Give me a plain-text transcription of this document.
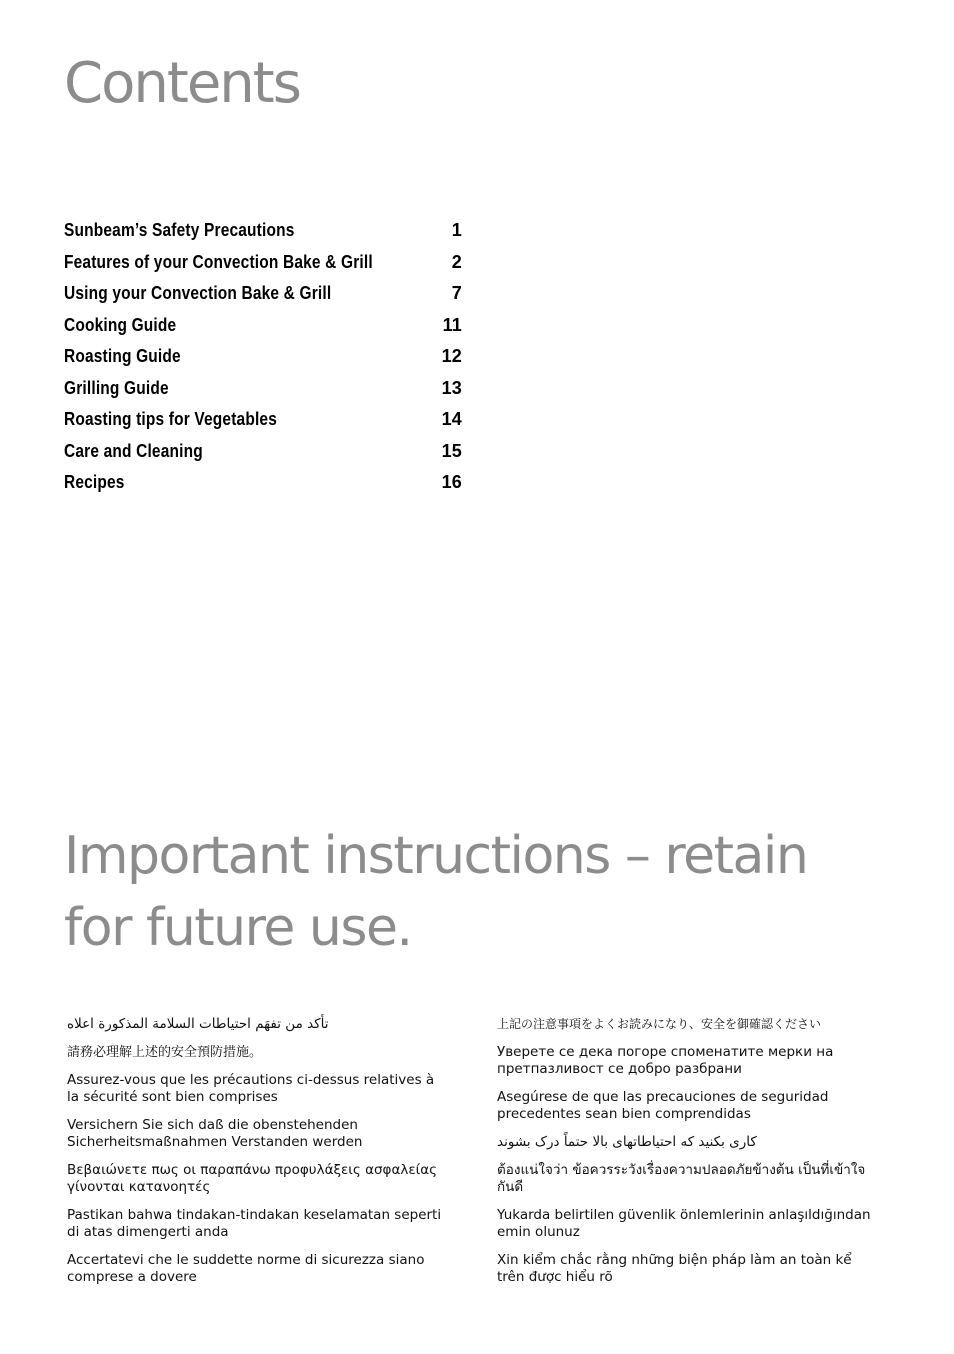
Contents
Sunbeam’s Safety Precautions	1
Features of your Convection Bake & Grill	2
Using your Convection Bake & Grill	7
Cooking Guide	11
Roasting Guide	12
Grilling Guide	13
Roasting tips for Vegetables	14
Care and Cleaning	15
Recipes	16
Important instructions – retain for future use.
تأكد من تفهَم احتياطات السلامة المذكورة اعلاه
請務必理解上述的安全預防措施。
Assurez-vous que les précautions ci-dessus relatives à la sécurité sont bien comprises
Versichern Sie sich daß die obenstehenden Sicherheitsmaßnahmen Verstanden werden
Βεβαιώνετε πως οι παραπάνω προφυλάξεις ασφαλείας γίνονται κατανοητές
Pastikan bahwa tindakan-tindakan keselamatan seperti di atas dimengerti anda
Accertatevi che le suddette norme di sicurezza siano comprese a dovere
上記の注意事項をよくお読みになり、安全を御確認ください
Уверете се дека погоре споменатите мерки на претпазливост се добро разбрани
Asegúrese de que las precauciones de seguridad precedentes sean bien comprendidas
کاری بکنید که احتیاطاتهای بالا حتماً درک بشوند
ต้องแน่ใจว่า ข้อควรระวังเรื่องความปลอดภัยข้างต้น เป็นที่เข้าใจกันดี
Yukarda belirtilen güvenlik önlemlerinin anlaşıldığından emin olunuz
Xin kiểm chắc rằng những biện pháp làm an toàn kể trên được hiểu rõ
